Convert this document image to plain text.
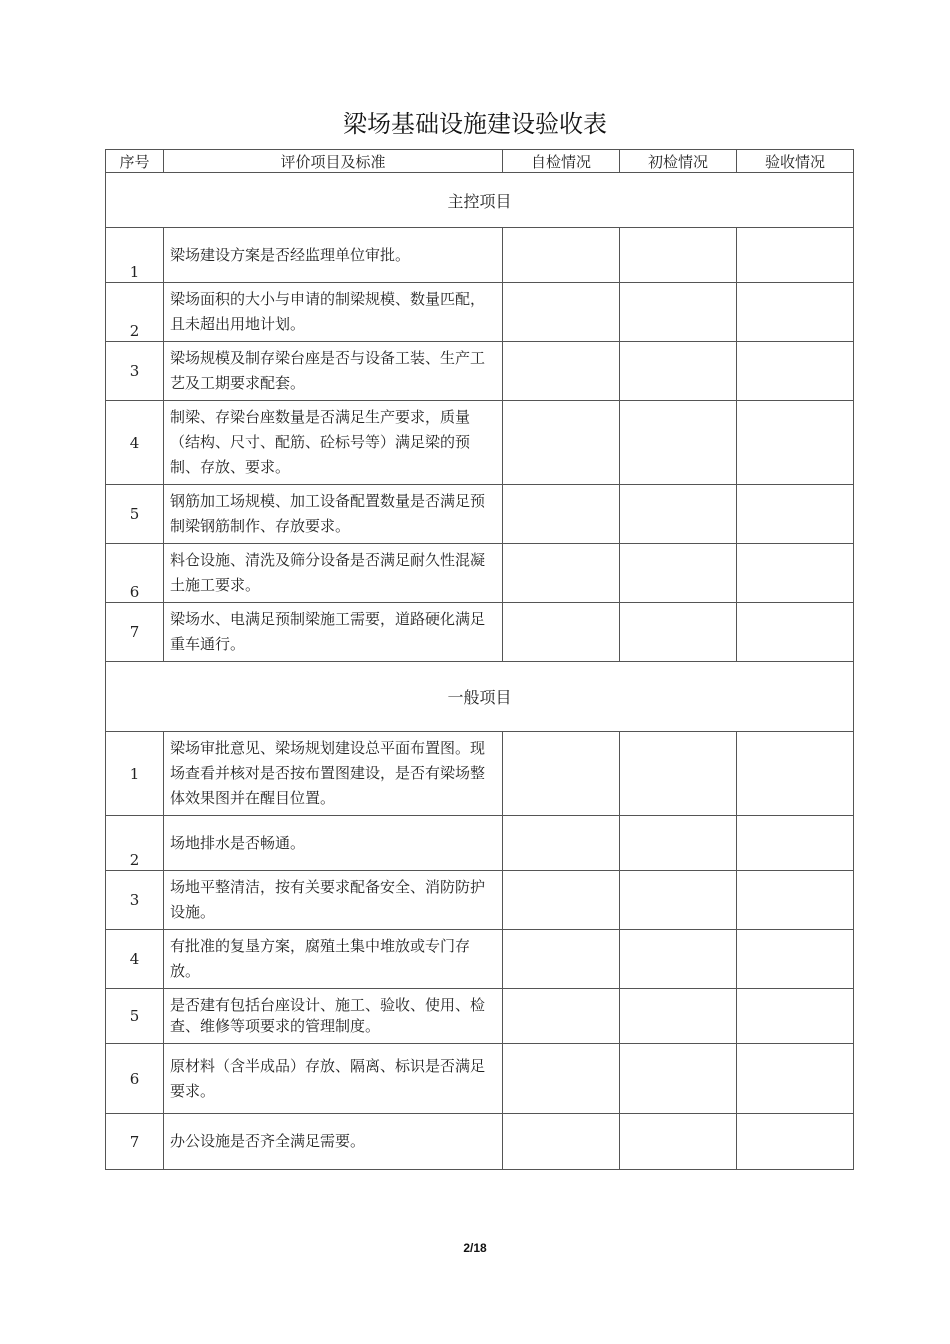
梁场基础设施建设验收表
序号	评价项目及标准	自检情况	初检情况	验收情况
主控项目				
1	梁场建设方案是否经监理单位审批。			
2	梁场面积的大小与申请的制梁规模、数量匹配，且未超出用地计划。			
3	梁场规模及制存梁台座是否与设备工装、生产工艺及工期要求配套。			
4	制梁、存梁台座数量是否满足生产要求，质量（结构、尺寸、配筋、砼标号等）满足梁的预制、存放、要求。			
5	钢筋加工场规模、加工设备配置数量是否满足预制梁钢筋制作、存放要求。			
6	料仓设施、清洗及筛分设备是否满足耐久性混凝土施工要求。			
7	梁场水、电满足预制梁施工需要，道路硬化满足重车通行。			
一般项目				
1	梁场审批意见、梁场规划建设总平面布置图。现场查看并核对是否按布置图建设，是否有梁场整体效果图并在醒目位置。			
2	场地排水是否畅通。			
3	场地平整清洁，按有关要求配备安全、消防防护设施。			
4	有批准的复垦方案，腐殖土集中堆放或专门存放。			
5	是否建有包括台座设计、施工、验收、使用、检查、维修等项要求的管理制度。			
6	原材料（含半成品）存放、隔离、标识是否满足要求。			
7	办公设施是否齐全满足需要。			
2/18
